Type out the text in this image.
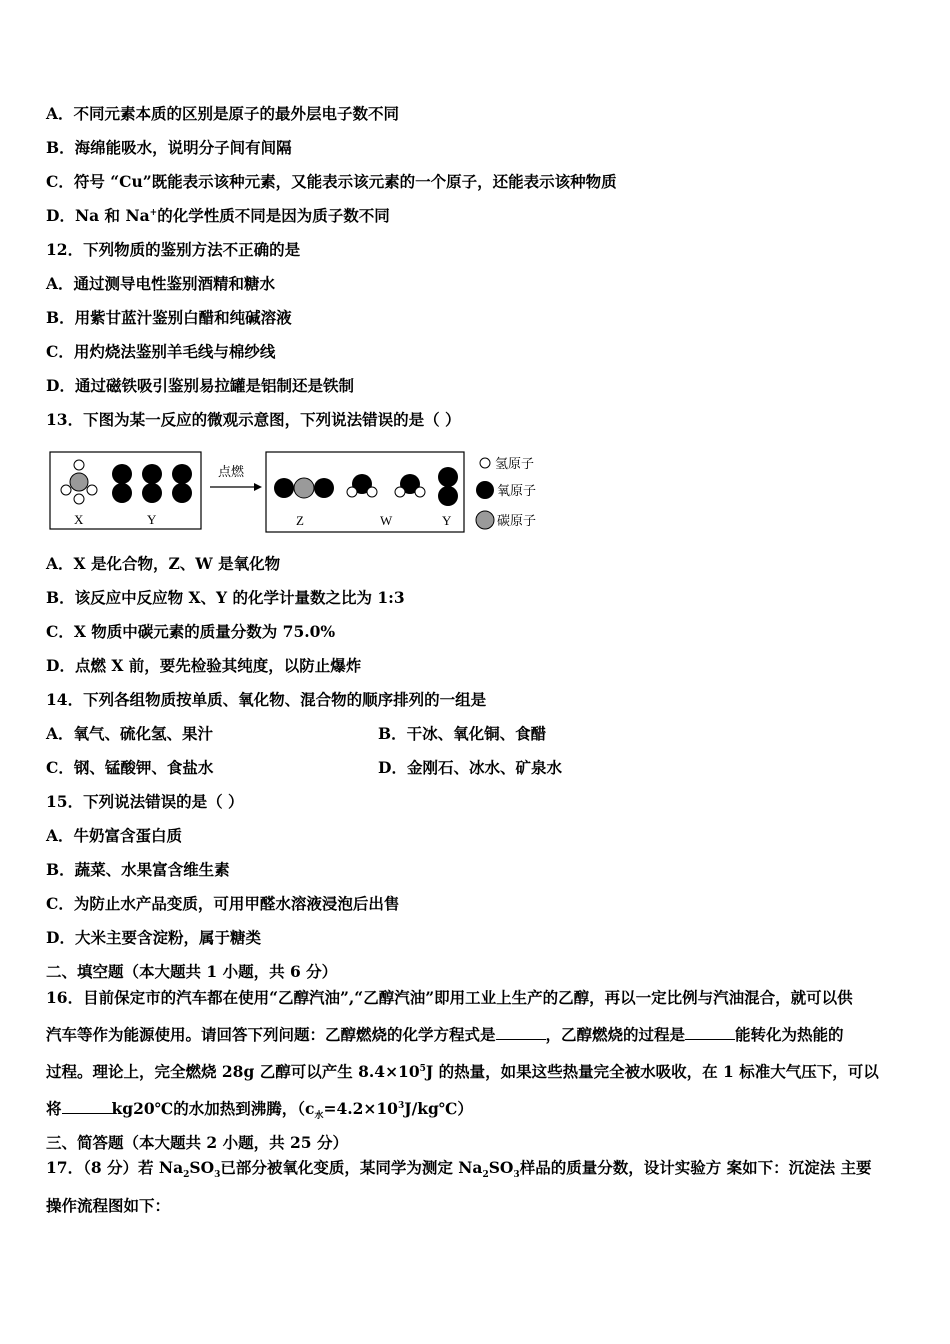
A．不同元素本质的区别是原子的最外层电子数不同
B．海绵能吸水，说明分子间有间隔
C．符号 “Cu”既能表示该种元素，又能表示该元素的一个原子，还能表示该种物质
D．Na 和 Na+的化学性质不同是因为质子数不同
12．下列物质的鉴别方法不正确的是
A．通过测导电性鉴别酒精和糖水
B．用紫甘蓝汁鉴别白醋和纯碱溶液
C．用灼烧法鉴别羊毛线与棉纱线
D．通过磁铁吸引鉴别易拉罐是铝制还是铁制
13．下图为某一反应的微观示意图，下列说法错误的是（ ）
X	Y
点燃
Z	W	Y
氢原子
氧原子
碳原子
A．X 是化合物，Z、W 是氧化物
B．该反应中反应物 X、Y 的化学计量数之比为 1:3
C．X 物质中碳元素的质量分数为 75.0%
D．点燃 X 前，要先检验其纯度，以防止爆炸
14．下列各组物质按单质、氧化物、混合物的顺序排列的一组是
A．氧气、硫化氢、果汁	B．干冰、氧化铜、食醋
C．钢、锰酸钾、食盐水	D．金刚石、冰水、矿泉水
15．下列说法错误的是（ ）
A．牛奶富含蛋白质
B．蔬菜、水果富含维生素
C．为防止水产品变质，可用甲醛水溶液浸泡后出售
D．大米主要含淀粉，属于糖类
二、填空题（本大题共 1 小题，共 6 分）
16．目前保定市的汽车都在使用“乙醇汽油”,“乙醇汽油”即用工业上生产的乙醇，再以一定比例与汽油混合，就可以供
汽车等作为能源使用。请回答下列问题：乙醇燃烧的化学方程式是	，乙醇燃烧的过程是	能转化为热能的
过程。理论上，完全燃烧 28g 乙醇可以产生 $8.4\times 10^5J$ 的热量，如果这些热量完全被水吸收，在 1 标准大气压下，可以
将	kg20℃的水加热到沸腾，$(c_水=4.2\times 10^3J/kg℃)$
三、简答题（本大题共 2 小题，共 25 分）
17．（8 分）若 $Na_2SO_3$已部分被氧化变质，某同学为测定 $Na_2SO_3$样品的质量分数，设计实验方 案如下：沉淀法 主要
操作流程图如下：
